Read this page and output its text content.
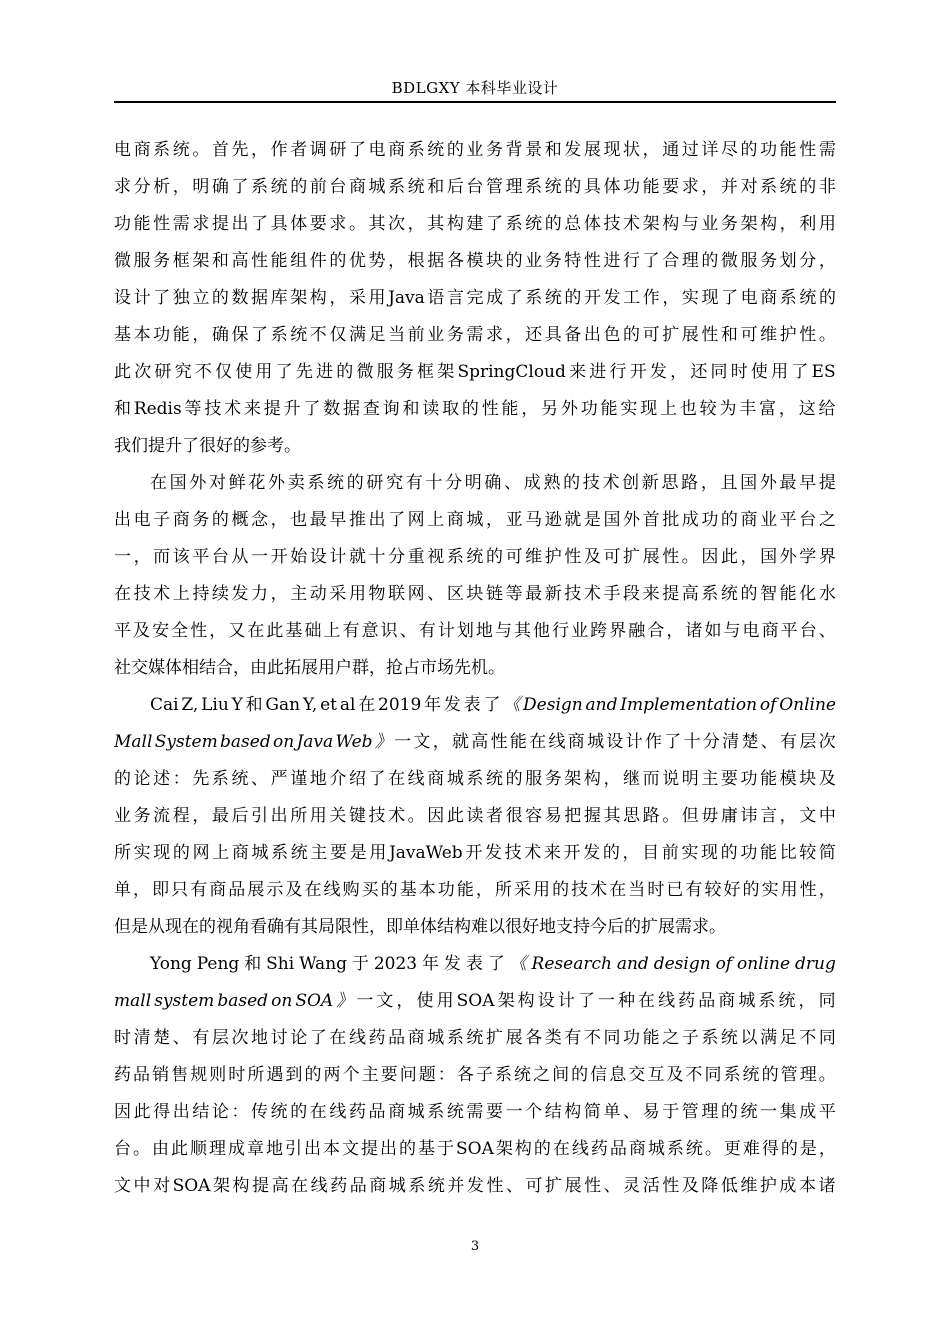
BDLGXY 本科毕业设计
电 商 系 统 。 首 先 ， 作 者 调 研 了 电 商 系 统 的 业 务 背 景 和 发 展 现 状 ， 通 过 详 尽 的 功 能 性 需
求 分 析 ， 明 确 了 系 统 的 前 台 商 城 系 统 和 后 台 管 理 系 统 的 具 体 功 能 要 求 ， 并 对 系 统 的 非
功 能 性 需 求 提 出 了 具 体 要 求 。 其 次 ， 其 构 建 了 系 统 的 总 体 技 术 架 构 与 业 务 架 构 ， 利 用
微 服 务 框 架 和 高 性 能 组 件 的 优 势 ， 根 据 各 模 块 的 业 务 特 性 进 行 了 合 理 的 微 服 务 划 分 ，
设 计 了 独 立 的 数 据 库 架 构 ， 采 用 Java 语 言 完 成 了 系 统 的 开 发 工 作 ， 实 现 了 电 商 系 统 的
基 本 功 能 ， 确 保 了 系 统 不 仅 满 足 当 前 业 务 需 求 ， 还 具 备 出 色 的 可 扩 展 性 和 可 维 护 性 。
此 次 研 究 不 仅 使 用 了 先 进 的 微 服 务 框 架 SpringCloud 来 进 行 开 发 ， 还 同 时 使 用 了 ES
和 Redis 等 技 术 来 提 升 了 数 据 查 询 和 读 取 的 性 能 ， 另 外 功 能 实 现 上 也 较 为 丰 富 ， 这 给
我们提升了很好的参考。
在 国 外 对 鲜 花 外 卖 系 统 的 研 究 有 十 分 明 确 、 成 熟 的 技 术 创 新 思 路 ， 且 国 外 最 早 提
出 电 子 商 务 的 概 念 ， 也 最 早 推 出 了 网 上 商 城 ， 亚 马 逊 就 是 国 外 首 批 成 功 的 商 业 平 台 之
一 ， 而 该 平 台 从 一 开 始 设 计 就 十 分 重 视 系 统 的 可 维 护 性 及 可 扩 展 性 。 因 此 ， 国 外 学 界
在 技 术 上 持 续 发 力 ， 主 动 采 用 物 联 网 、 区 块 链 等 最 新 技 术 手 段 来 提 高 系 统 的 智 能 化 水
平 及 安 全 性 ， 又 在 此 基 础 上 有 意 识 、 有 计 划 地 与 其 他 行 业 跨 界 融 合 ， 诸 如 与 电 商 平 台 、
社交媒体相结合，由此拓展用户群，抢占市场先机。
Cai Z, Liu Y 和 Gan Y, et al 在 2019 年 发 表 了 《 Design and Implementation of Online
Mall System based on Java Web 》 一 文 ， 就 高 性 能 在 线 商 城 设 计 作 了 十 分 清 楚 、 有 层 次
的 论 述 ： 先 系 统 、 严 谨 地 介 绍 了 在 线 商 城 系 统 的 服 务 架 构 ， 继 而 说 明 主 要 功 能 模 块 及
业 务 流 程 ， 最 后 引 出 所 用 关 键 技 术 。 因 此 读 者 很 容 易 把 握 其 思 路 。 但 毋 庸 讳 言 ， 文 中
所 实 现 的 网 上 商 城 系 统 主 要 是 用 JavaWeb 开 发 技 术 来 开 发 的 ， 目 前 实 现 的 功 能 比 较 简
单 ， 即 只 有 商 品 展 示 及 在 线 购 买 的 基 本 功 能 ， 所 采 用 的 技 术 在 当 时 已 有 较 好 的 实 用 性 ，
但是从现在的视角看确有其局限性，即单体结构难以很好地支持今后的扩展需求。
Yong Peng 和 Shi Wang 于 2023 年 发 表 了 《 Research and design of online drug
mall system based on SOA 》 一 文 ， 使 用 SOA 架 构 设 计 了 一 种 在 线 药 品 商 城 系 统 ， 同
时 清 楚 、 有 层 次 地 讨 论 了 在 线 药 品 商 城 系 统 扩 展 各 类 有 不 同 功 能 之 子 系 统 以 满 足 不 同
药 品 销 售 规 则 时 所 遇 到 的 两 个 主 要 问 题 ： 各 子 系 统 之 间 的 信 息 交 互 及 不 同 系 统 的 管 理 。
因 此 得 出 结 论 ： 传 统 的 在 线 药 品 商 城 系 统 需 要 一 个 结 构 简 单 、 易 于 管 理 的 统 一 集 成 平
台 。 由 此 顺 理 成 章 地 引 出 本 文 提 出 的 基 于 SOA 架 构 的 在 线 药 品 商 城 系 统 。 更 难 得 的 是 ，
文 中 对 SOA 架 构 提 高 在 线 药 品 商 城 系 统 并 发 性 、 可 扩 展 性 、 灵 活 性 及 降 低 维 护 成 本 诸
3
